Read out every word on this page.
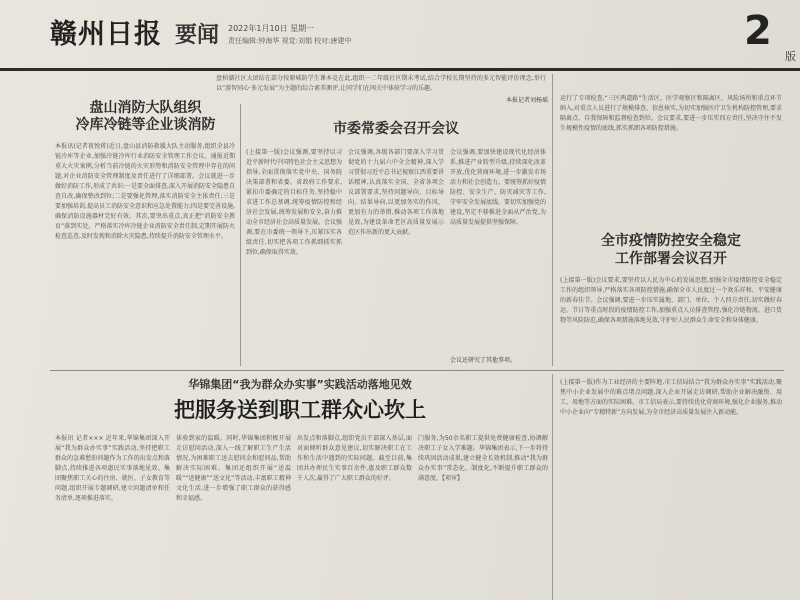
赣州日报 要闻 2022年1月10日 星期一
责任编辑:钟海华 视觉:刘娟 校对:唐建中	2
版
盘柏湖社区大团结在部分按原城防学生课本竞在此,组织一二年级社区期末考试,结合学校长期坚持的多元智能评价理念,举行以“游智同心·多元发展”为主题的综合素养测评,让同学们在闯关中体验学习的乐趣。
本报记者刘杨瑶
盘山消防大队组织
冷库冷链等企业谈消防
本报讯(记者夜悦蒋)近日,盘山县消防救援大队主动服务,组织全县冷链冷库等企业,加强冷链冷库行业消防安全管理工作会议。通报近期重大火灾案例,分析当前冷链的火灾形势和消防安全管理中存在的问题,对企业消防安全管理制度及责任进行了详细部署。会议就进一步做好消防工作,形成了共识:一是要全面排查,深入开展消防安全隐患自查自改,确保整改到位;二是要强化管理,落实消防安全主体责任;三是要加强培训,提高员工消防安全意识和应急处置能力;四是要完善设施,确保消防设施器材完好有效。其次,要突出重点,真正把“消防安全教育”落到实处。严格落实冷库冷链企业消防安全责任制,定期开展防火检查巡查,及时发现和消除火灾隐患,持续提升消防安全管理水平。
市委常委会召开会议
(上接第一版)会议强调,要坚持以习近平新时代中国特色社会主义思想为指导,全面贯彻落实党中央、国务院决策部署和省委、省政府工作要求,紧扣市委确定的目标任务,坚持稳中求进工作总基调,统筹疫情防控和经济社会发展,统筹发展和安全,奋力推动全市经济社会高质量发展。会议强调,要在市委统一领导下,压紧压实各级责任,切实把各项工作抓细抓实抓到位,确保取得实效。
会议强调,各级各部门要深入学习贯彻党的十九届六中全会精神,深入学习贯彻习近平总书记视察江西重要讲话精神,认真落实全国、全省各项会议部署要求,坚持问题导向、目标导向、结果导向,以更加务实的作风、更加有力的举措,推动各项工作落地见效,为建设革命老区高质量发展示范区作出新的更大贡献。
会议强调,要加快建设现代化经济体系,推进产业转型升级,持续深化改革开放,优化营商环境,进一步激发市场活力和社会创造力。要统筹抓好疫情防控、安全生产、防灾减灾等工作,守牢安全发展底线。要切实加强党的建设,坚定不移推进全面从严治党,为高质量发展提供坚强保障。
会议还研究了其他事项。
运行了专项检查,“三区两道路”生活区、医学观察区和隔离区、风险场所和重点环节纳入,对重点人员进行了规模排查、信息核实,为切实加强医疗卫生机构防控管理,要求隔离点、自我保障和监督检查到位。会议要求,要进一步压实四方责任,坚决守住不发生规模性疫情的底线,抓实抓细各项防控措施。
全市疫情防控安全稳定
工作部署会议召开
(上接第一版)会议要求,要坚持以人民为中心的发展思想,加强全市疫情防控安全稳定工作的组织领导,严格落实各项防控措施,确保全市人民度过一个欢乐祥和、平安健康的新春佳节。会议强调,要进一步压实属地、部门、单位、个人四方责任,切实做好春运、节日等重点时段的疫情防控工作,加强重点人员排查管控,强化冷链物流、进口货物等风险防范,确保各项措施落地见效,守护好人民群众生命安全和身体健康。
华锦集团“我为群众办实事”实践活动落地见效
把服务送到职工群众心坎上
本报讯 记者××× 近年来,华锦集团深入开展“我为群众办实事”实践活动,坚持把职工群众的急难愁盼问题作为工作的出发点和落脚点,持续推进各项惠民实事落地见效。集团聚焦职工关心的住房、就医、子女教育等问题,组织开展专题调研,建立问题清单和任务清单,逐项推进落实。
体验到家的温暖。同时,华锦集团积极开展走访慰问活动,深入一线了解职工生产生活情况,为困难职工送去慰问金和慰问品,帮助解决实际困难。集团还组织开展“送温暖”“送健康”“送文化”等活动,丰富职工精神文化生活,进一步增强了职工群众的获得感和幸福感。
出发点和落脚点,组织党员干部深入基层,面对面倾听群众意见建议,切实解决职工在工作和生活中遇到的实际问题。截至目前,集团共办理民生实事百余件,惠及职工群众数千人次,赢得了广大职工群众的好评。
门服务,为50余名职工提供免费健康检查,协调解决职工子女入学难题。华锦集团表示,下一步将持续巩固活动成果,建立健全长效机制,推动“我为群众办实事”常态化、制度化,不断提升职工群众的满意度。【项审】
(上接第一版)作为工业经济的主要阵地,市工信局结合“我为群众办实事”实践活动,聚焦中小企业发展中的难点堵点问题,深入企业开展走访调研,帮助企业解决融资、用工、用地等方面的实际困难。市工信局表示,要持续优化营商环境,强化企业服务,推动中小企业向“专精特新”方向发展,为全市经济高质量发展注入新动能。
